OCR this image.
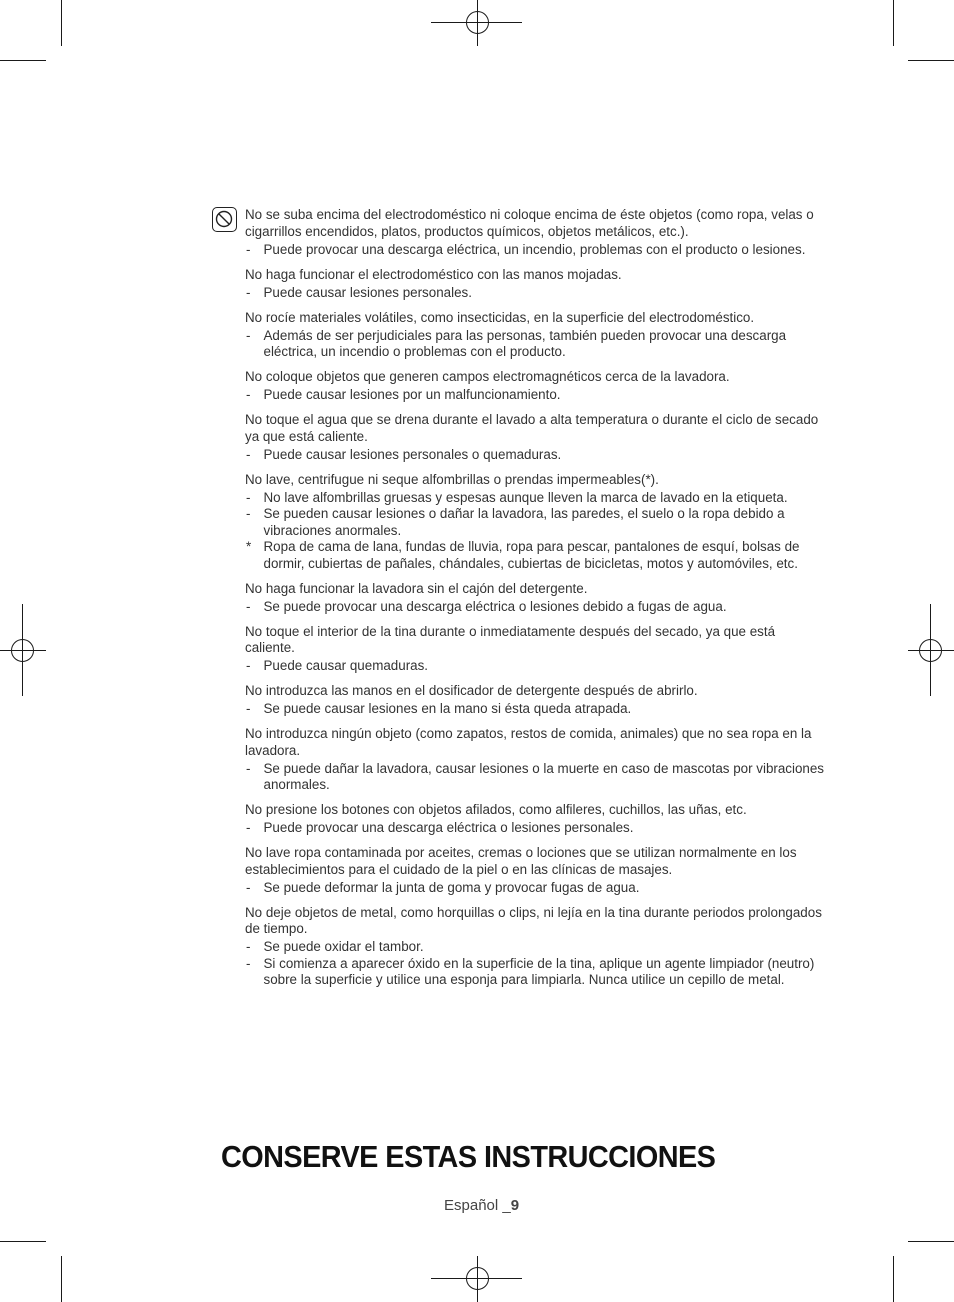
No se suba encima del electrodoméstico ni coloque encima de éste objetos (como ropa, velas o cigarrillos encendidos, platos, productos químicos, objetos metálicos, etc.).
- Puede provocar una descarga eléctrica, un incendio, problemas con el producto o lesiones.
No haga funcionar el electrodoméstico con las manos mojadas.
- Puede causar lesiones personales.
No rocíe materiales volátiles, como insecticidas, en la superficie del electrodoméstico.
- Además de ser perjudiciales para las personas, también pueden provocar una descarga eléctrica, un incendio o problemas con el producto.
No coloque objetos que generen campos electromagnéticos cerca de la lavadora.
- Puede causar lesiones por un malfuncionamiento.
No toque el agua que se drena durante el lavado a alta temperatura o durante el ciclo de secado ya que está caliente.
- Puede causar lesiones personales o quemaduras.
No lave, centrifugue ni seque alfombrillas o prendas impermeables(*).
- No lave alfombrillas gruesas y espesas aunque lleven la marca de lavado en la etiqueta.
- Se pueden causar lesiones o dañar la lavadora, las paredes, el suelo o la ropa debido a vibraciones anormales.
* Ropa de cama de lana, fundas de lluvia, ropa para pescar, pantalones de esquí, bolsas de dormir, cubiertas de pañales, chándales, cubiertas de bicicletas, motos y automóviles, etc.
No haga funcionar la lavadora sin el cajón del detergente.
- Se puede provocar una descarga eléctrica o lesiones debido a fugas de agua.
No toque el interior de la tina durante o inmediatamente después del secado, ya que está caliente.
- Puede causar quemaduras.
No introduzca las manos en el dosificador de detergente después de abrirlo.
- Se puede causar lesiones en la mano si ésta queda atrapada.
No introduzca ningún objeto (como zapatos, restos de comida, animales) que no sea ropa en la lavadora.
- Se puede dañar la lavadora, causar lesiones o la muerte en caso de mascotas por vibraciones anormales.
No presione los botones con objetos afilados, como alfileres, cuchillos, las uñas, etc.
- Puede provocar una descarga eléctrica o lesiones personales.
No lave ropa contaminada por aceites, cremas o lociones que se utilizan normalmente en los establecimientos para el cuidado de la piel o en las clínicas de masajes.
- Se puede deformar la junta de goma y provocar fugas de agua.
No deje objetos de metal, como horquillas o clips, ni lejía en la tina durante periodos prolongados de tiempo.
- Se puede oxidar el tambor.
- Si comienza a aparecer óxido en la superficie de la tina, aplique un agente limpiador (neutro) sobre la superficie y utilice una esponja para limpiarla. Nunca utilice un cepillo de metal.
CONSERVE ESTAS INSTRUCCIONES
Español _9
